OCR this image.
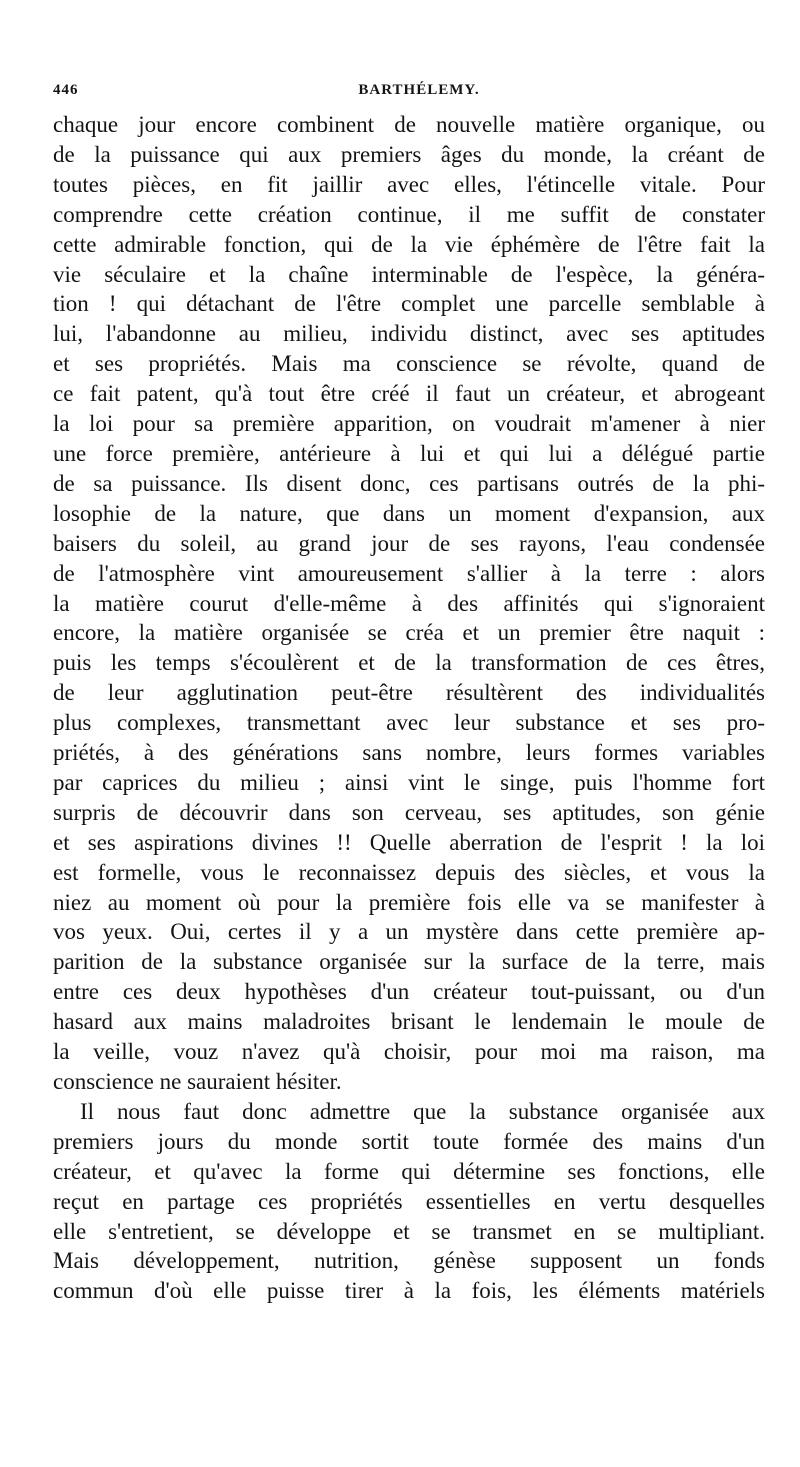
446	BARTHÉLEMY.
chaque jour encore combinent de nouvelle matière organique, ou
de la puissance qui aux premiers âges du monde, la créant de
toutes pièces, en fit jaillir avec elles, l'étincelle vitale. Pour
comprendre cette création continue, il me suffit de constater
cette admirable fonction, qui de la vie éphémère de l'être fait la
vie séculaire et la chaîne interminable de l'espèce, la généra-
tion ! qui détachant de l'être complet une parcelle semblable à
lui, l'abandonne au milieu, individu distinct, avec ses aptitudes
et ses propriétés. Mais ma conscience se révolte, quand de
ce fait patent, qu'à tout être créé il faut un créateur, et abrogeant
la loi pour sa première apparition, on voudrait m'amener à nier
une force première, antérieure à lui et qui lui a délégué partie
de sa puissance. Ils disent donc, ces partisans outrés de la phi-
losophie de la nature, que dans un moment d'expansion, aux
baisers du soleil, au grand jour de ses rayons, l'eau condensée
de l'atmosphère vint amoureusement s'allier à la terre : alors
la matière courut d'elle-même à des affinités qui s'ignoraient
encore, la matière organisée se créa et un premier être naquit :
puis les temps s'écoulèrent et de la transformation de ces êtres,
de leur agglutination peut-être résultèrent des individualités
plus complexes, transmettant avec leur substance et ses pro-
priétés, à des générations sans nombre, leurs formes variables
par caprices du milieu ; ainsi vint le singe, puis l'homme fort
surpris de découvrir dans son cerveau, ses aptitudes, son génie
et ses aspirations divines !! Quelle aberration de l'esprit ! la loi
est formelle, vous le reconnaissez depuis des siècles, et vous la
niez au moment où pour la première fois elle va se manifester à
vos yeux. Oui, certes il y a un mystère dans cette première ap-
parition de la substance organisée sur la surface de la terre, mais
entre ces deux hypothèses d'un créateur tout-puissant, ou d'un
hasard aux mains maladroites brisant le lendemain le moule de
la veille, vouz n'avez qu'à choisir, pour moi ma raison, ma
conscience ne sauraient hésiter.
Il nous faut donc admettre que la substance organisée aux
premiers jours du monde sortit toute formée des mains d'un
créateur, et qu'avec la forme qui détermine ses fonctions, elle
reçut en partage ces propriétés essentielles en vertu desquelles
elle s'entretient, se développe et se transmet en se multipliant.
Mais développement, nutrition, génèse supposent un fonds
commun d'où elle puisse tirer à la fois, les éléments matériels
